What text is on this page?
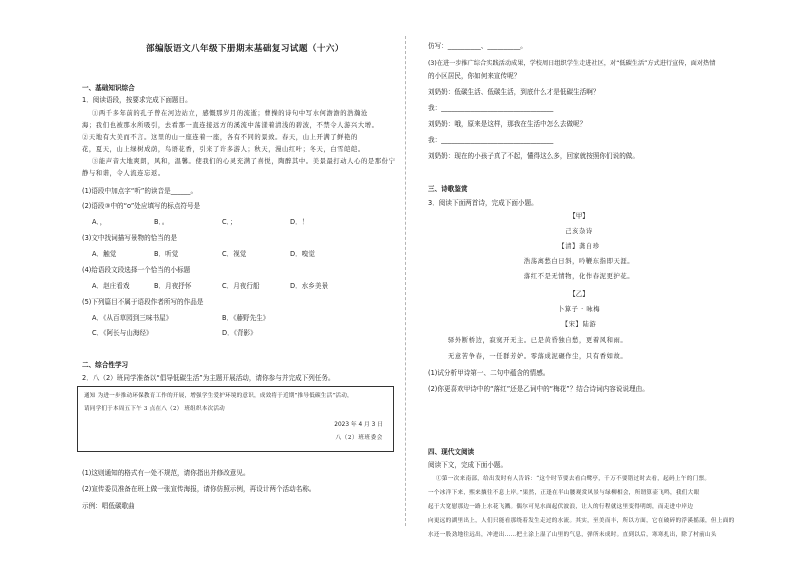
部编版语文八年级下册期末基础复习试题（十六）
一、基础知识综合
1．阅读语段，按要求完成下面题目。
①两千多年前的孔子曾在河边站立，感慨那岁月的流逝；曹操的诗句中写水何澹澹的浩瀚沧
海；我们也被那水所吸引，去看那一直连接远方的溪流中荡漾着清浅的碧波，不禁令人游兴大增。
②天地有大美而不言。这里的山一座连着一座，各有不同的景致。春天，山上开满了鲜艳的
花，夏天，山上绿树成荫，鸟语花香，引来了许多游人；秋天，漫山红叶；冬天，白雪皑皑。
③能声音大地爽朗，风和，温馨。使我们的心灵充满了喜悦，陶醉其中。美景最打动人心的是那份宁
静与和谐，令人流连忘返。
(1)语段中加点字“听”的读音是______。
(2)语段③中的“o”处应填写的标点符号是
A．，	B．。	C．；	D．！
(3)文中找词描写景物的恰当的是
A．触觉	B．听觉	C．视觉	D．嗅觉
(4)给语段文段选择一个恰当的小标题
A．赵庄看戏	B．月夜抒怀	C．月夜行船	D．水乡美景
(5)下列篇目不属于语段作者所写的作品是
A．《从百草园到三味书屋》	B．《藤野先生》
C．《阿长与山海经》	D．《背影》
二、综合性学习
2．八（2）班同学准备以“倡导低碳生活”为主题开展活动，请你参与并完成下列任务。
(1)这则通知的格式有一处不规范，请你指出并修改意见。
(2)宣传委员准备在班上做一张宣传海报，请你仿照示例，再设计两个活动名称。
示例：唱低碳歌曲
通知 为进一步推动环保教育工作的开展，增强学生爱护环境的意识，成效将于近期”推导低碳生活”活动，
请同学们于本周五下午 3 点在八（2） 班组织本次活动
2023 年 4 月 3 日
八（2）班班委会
仿写：__________、__________。
(3)在进一步推广综合实践活动成果，学校周日组织学生走进社区，对“低碳生活”方式进行宣传，面对热情
的小区居民，你如何来宣传呢？
刘奶奶：低碳生活、低碳生活，到底什么才是低碳生活啊？
我：__________________________________
刘奶奶：哦，原来是这样，那我在生活中怎么去做呢？
我：__________________________________
刘奶奶：现在的小孩子真了不起，懂得这么多，回家就按照你们说的做。
三、诗歌鉴赏
3．阅读下面两首诗，完成下面小题。
【甲】
己亥杂诗
【清】龚自珍
浩荡离愁白日斜，吟鞭东指即天涯。
落红不是无情物，化作春泥更护花。
【乙】
卜算子 · 咏梅
【宋】陆游
驿外断桥边，寂寞开无主。已是黄昏独自愁，更着风和雨。
无意苦争春，一任群芳妒。零落成泥碾作尘，只有香如故。
(1)试分析甲诗第一、二句中蕴含的情感。
(2)你更喜欢甲诗中的“落红”还是乙词中的“梅花”？结合诗词内容说说理由。
四、现代文阅读
阅读下文，完成下面小题。
①第一次来南部，给出发时有人告诉：“这个时节要去看白鹭亭，千万不要错过时去看，起码上午的门票。
一个冰洋下来，熙来攘往不息上岸。”果然，正逢在半山腰观赏风景与绿柳相会，所谓算壶飞鸣，我们大眼
起于大宽慰那边一路上水花飞溅。偶尔可见水面起伏波浪，让人的行程就这里变得明朗，而走进中岸边
向更远的湖里出上，人们只能看那绕着发生走过的水流。其实，至美而丰，所以方面，它在破碎的浮溪摇漾，但上面的
水还一股劲地往远出，冲进出……把土涂上湿了山里的气息，弹所未成时。直到以后，寒寒扎出，除了村前山头
